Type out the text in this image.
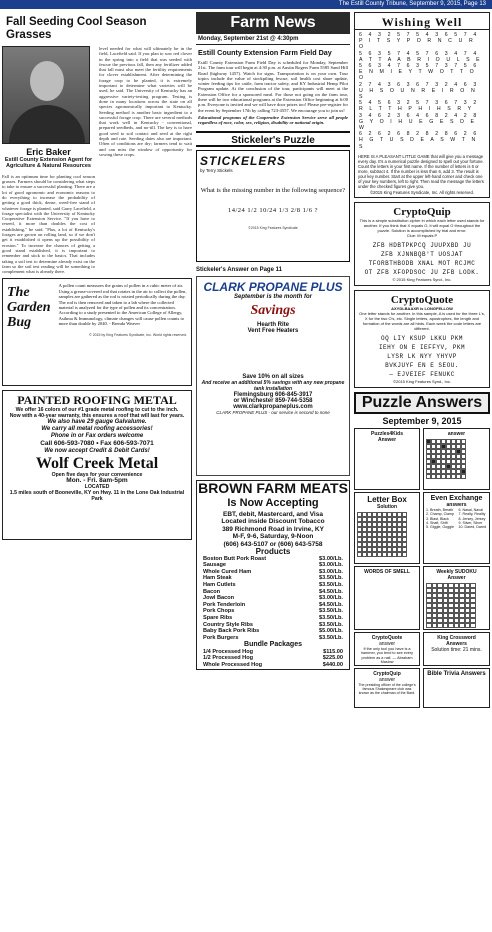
The Estill County Tribune, September 9, 2015, Page 13
Fall Seeding Cool Season Grasses
Eric Baker
Estill County Extension Agent for Agriculture & Natural Resources
Fall is an optimum time for planting cool season grasses. Farmers should be considering what steps to take to ensure a successful planting. There are a lot of good agronomic and economic reasons to do everything to increase the probability of getting a good thick, dense, weed-free stand of whatever forage is planted, said Garry Lacefield, a forage specialist with the University of Kentucky Cooperative Extension Service. "If you have to reseed, it more than doubles the cost of establishing," he said. "Plus, a lot of Kentucky's forages are grown on rolling land, so if we don't get it established it opens up the possibility of erosion." To increase the chances of getting a good stand established, it is important to remember and stick to the basics. That includes taking a soil test to determine already exist on the farm so the soil test reading will be something to complement what is already there.
level needed for what will ultimately be in the field, Lacefield said. If you plan to sow red clover in the spring into a field that was seeded with fescue the previous fall, then any fertilizer added that fall must also meet the fertility requirements for clover establishment. After determining the forage crop to be planted, it is extremely important to determine what varieties will be used, he said. The University of Kentucky has an aggressive variety-testing program. Testing is done in many locations across the state on all species agronomically important to Kentucky. Seeding method is another basic ingredient to a successful forage crop. There are several methods that work well in Kentucky - conventional, prepared seedbeds, and no-till. The key is to have good seed to soil contact and seed at the right depth and rate. Seeding dates also are important. Often of conditions are dry; farmers tend to wait and can miss the window of opportunity for sowing these crops.
The Garden Bug
A pollen count measures the grains of pollen in a cubic meter of air. Using a grease-covered rod that rotates in the air to collect the pollen, samples are gathered as the rod is rotated periodically during the day. The rod is then removed and taken to a lab where the collected material is analyzed for the type of pollen and its concentration. According to a study presented to the American College of Allergy, Asthma & Immunology, climate changes will cause pollen counts to more than double by 2040. - Brenda Weaver
© 2015 by King Features Syndicate, Inc. World rights reserved.
PAINTED ROOFING METAL
We offer 16 colors of our #1 grade metal roofing to cut to the inch.
Now with a 40-year warranty, this ensures a roof that will last for years.
We also have 29 gauge Galvalume.
We carry all metal roofing accessories!
Phone in or Fax orders welcome
Call 606-593-7080 • Fax 606-593-7071
We now accept Credit & Debit Cards!
Wolf Creek Metal
Open five days for your convenience
Mon. - Fri. 8am-5pm
LOCATED
1.5 miles south of Booneville, KY on Hwy. 11 in the Lone Oak Industrial Park
Farm News
Monday, September 21st @ 4:30pm
Estill County Extension Farm Field Day
Estill County Extension Farm Field Day is scheduled for Monday, September 21st. The farm tour will begin at 4:30 p.m. at Austin Rogers Farm 5585 Sand Hill Road (highway 1457). Watch for signs. Transportation is on your own. Tour topics include the value of stockpiling fescue, soil health cost share update, winter feeding tips for cattle, farm tractor safety, and KY Industrial Hemp Pilot Program update. At the conclusion of the tour, participants will meet at the Extension Office for a sponsored meal. For those not going on the farm tour, there will be two educational programs at the Extension Office beginning at 6:00 p.m. Everyone is invited and we will have door prizes too! Please pre-register for the event by September 17th by calling 723-4557. We encourage you to join us!
Educational programs of the Cooperative Extension Service serve all people regardless of race, color, sex, religion, disability or national origin.
Stickeler's Puzzle
STICKELERS
by Terry Stickels
What is the missing number in the following sequence?
14/24 1/2 10/24 1/3 2/8 1/6 ?
©2015 King Features Syndicate
Stickeler's Answer on Page 11
CLARK PROPANE PLUS
September is the month for
Savings
Hearth Rite
Vent Free Heaters
Save 10% on all sizes
And receive an additional 5% savings with any new propane tank installation
Flemingsburg 606-845-3917
or Winchester 859-744-5358
www.clarkpropaneplus.com
CLARK PROPANE PLUS - our service is second to none
BROWN FARM MEATS
Is Now Accepting
EBT, debit, Mastercard, and Visa
Located inside Discount Tobacco
389 Richmond Road in Irvine, KY
M-F, 9-6, Saturday, 9-Noon
(606) 643-5107 or (606) 643-5758
Products
Boston Butt Pork Roast	$3.00/Lb.
Sausage	$3.00/Lb.
Whole Cured Ham	$3.00/Lb.
Ham Steak	$3.50/Lb.
Ham Cutlets	$3.50/Lb.
Bacon	$4.50/Lb.
Jowl Bacon	$3.00/Lb.
Pork Tenderloin	$4.50/Lb.
Pork Chops	$3.50/Lb.
Spare Ribs	$3.50/Lb.
Country Style Ribs	$3.50/Lb.
Baby Back Pork Ribs	$5.00/Lb.
Pork Burgers	$3.50/Lb.
Bundle Packages
1/4 Processed Hog	$115.00
1/2 Processed Hog	$225.00
Whole Processed Hog	$440.00
Wishing Well
6 4 3 2 5 7 5 4 3 6 5 7 4
P I T S Y P O R N C U R O
5 6 3 5 7 4 5 7 6 3 4 7 4
A T T A A B R I O U L S E
5 6 3 4 7 6 3 5 7 3 7 5 6
E N M I E Y T W O T T O O
2 7 4 3 6 3 6 7 3 2 4 6 3
U H S O U N R E I R O N S
5 4 5 6 3 2 5 7 3 6 7 3 2
R L T T H P H I H S R Y
3 4 6 2 3 6 4 6 8 2 4 2 8
G Y O I H U E G E S D E W
6 2 6 2 6 8 2 8 2 8 6 2 6
H G T U S D E A S W T N S
HERE IS A PLEASANT LITTLE GAME that will give you a message every day. It's a numerical puzzle designed to spell out your fortune. Count the letters in your first name. If the number of letters is 6 or more, subtract 4. If the number is less than 6, add 3. The result is your key number. Start at the upper left-hand corner and check one of your key numbers, left to right. Then read the message the letters under the checked figures give you.
©2015 King Features Syndicate, Inc. All rights reserved.
CryptoQuip
This is a simple substitution cipher in which each letter used stands for another. If you think that X equals O, it will equal O throughout the puzzle. Solution is accomplished by trial and error.
Clue: M equals P
ZFB HDBTPKPCQ JUUPXBD JU
ZFB XJNNBQB'T UOSJAT
TFORBTHBODB XNAL MOT RCJMC
OT ZFB XFOPDSOC JU ZFB LODK.
© 2015 King Features Synd., Inc.
CryptoQuote
AXYDLBAAXR is LONGFELLOW
One letter stands for another. In this sample, A is used for the three L's, X for the two O's, etc. Single letters, apostrophes, the length and formation of the words are all hints. Each week the code letters are different.
OQ LIY KSUP LKKU PKM
IEHY ON E IEFFYV, PKM
LYSR LK NYY YHYVP
BVKJUYF EN E SEOU.
— EJVEIEF FENUKC
©2015 King Features Synd., Inc.
Puzzle Answers
September 9, 2015
Puzzles4Kids
Answer
answer
Letter Box
Solution
Even Exchange
answers
1. Breath, Breath
2. Champ, Clamp
3. Blast, Black
4. Shaft, Shift
5. Giggle, Goggle
6. Nasal, Naval
7. Realty, Reality
8. Jersey, Jersey
9. Silver, Sliver
10. Dared, Dared
WORDS OF SMELL	Weekly SUDOKU
Answer
CryptoQuote
answer
If the only tool you have is a hammer, you tend to see every problem as a nail. — Abraham Maslow
King Crossword
Answers
Solution time: 21 mins.
CryptoQuip
answer
The presiding officer of the college's famous Shakespeare club was known as the chairman of the Bard.
Bible Trivia Answers
